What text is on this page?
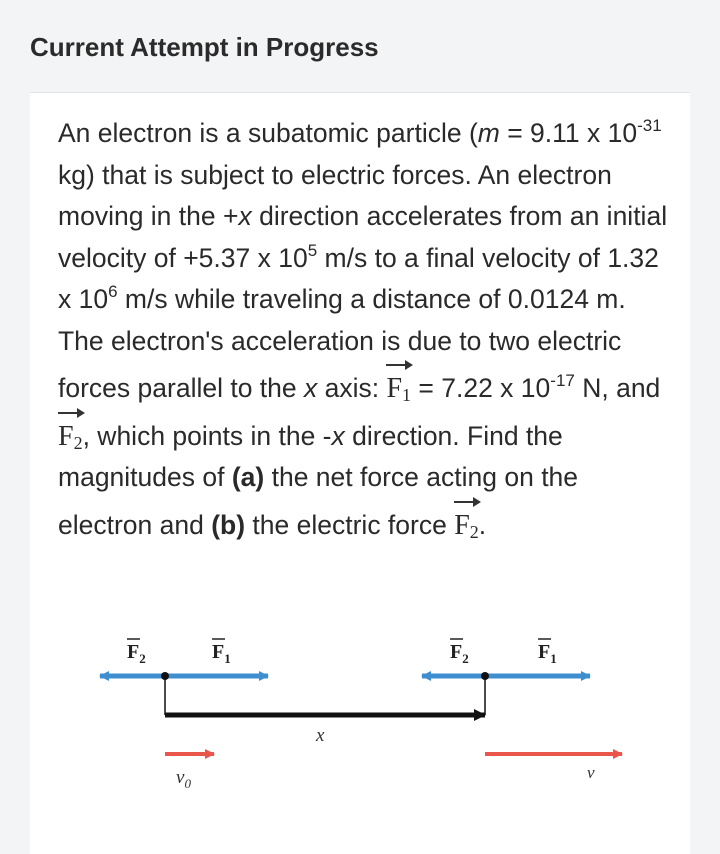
Current Attempt in Progress

An electron is a subatomic particle (m = 9.11 x $10^{-31}$ kg) that is subject to electric forces. An electron moving in the +x direction accelerates from an initial velocity of +5.37 x $10^5$ m/s to a final velocity of 1.32 x $10^6$ m/s while traveling a distance of 0.0124 m. The electron's acceleration is due to two electric forces parallel to the x axis: $F_1 = 7.22$ x $10^{-17}$ N, and $F_2$, which points in the -x direction. Find the magnitudes of (a) the net force acting on the electron and (b) the electric force $F_2$.

$F_2$	$F_1$
$v_0$
x
$F_2$	$F_1$
v
